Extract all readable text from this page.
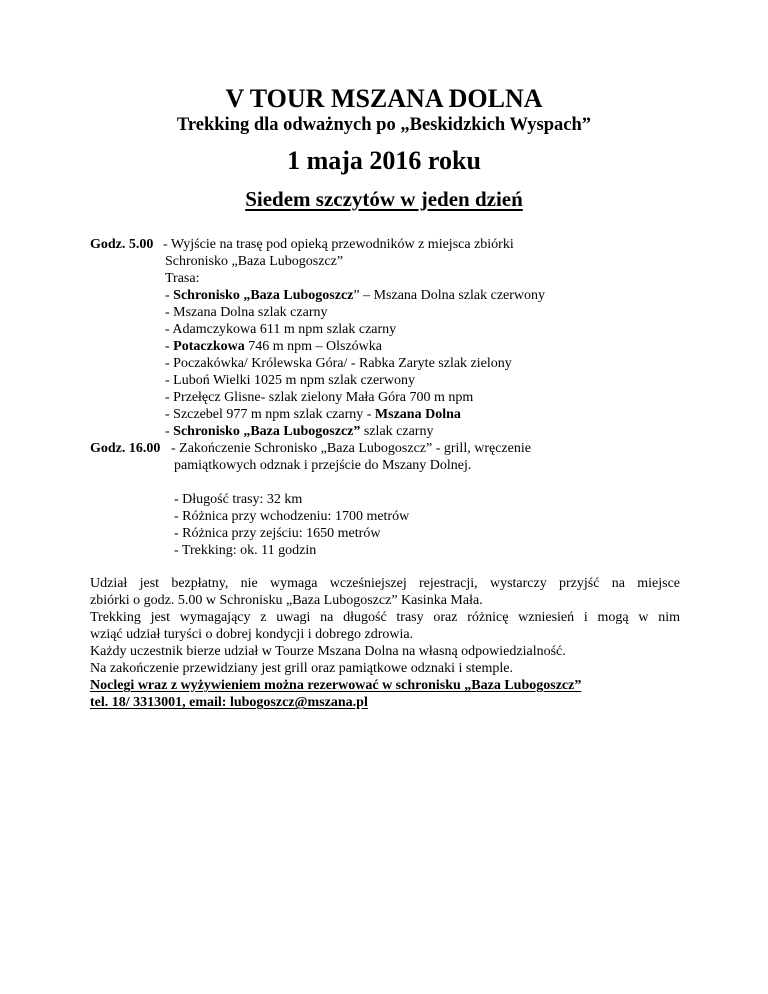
V TOUR MSZANA DOLNA
Trekking dla odważnych po „Beskidzkich Wyspach”
1 maja 2016 roku
Siedem szczytów w jeden dzień
Godz. 5.00 - Wyjście na trasę pod opieką przewodników z miejsca zbiórki
Schronisko „Baza Lubogoszcz”
Trasa:
- Schronisko „Baza Lubogoszcz” – Mszana Dolna szlak czerwony
- Mszana Dolna szlak czarny
- Adamczykowa 611 m npm szlak czarny
- Potaczkowa 746 m npm – Olszówka
- Poczakówka/ Królewska Góra/ - Rabka Zaryte szlak zielony
- Luboń Wielki 1025 m npm szlak czerwony
- Przełęcz Glisne- szlak zielony Mała Góra 700 m npm
- Szczebel 977 m npm szlak czarny - Mszana Dolna
- Schronisko „Baza Lubogoszcz” szlak czarny
Godz. 16.00 - Zakończenie Schronisko „Baza Lubogoszcz” - grill, wręczenie
pamiątkowych odznak i przejście do Mszany Dolnej.
- Długość trasy: 32 km
- Różnica przy wchodzeniu: 1700 metrów
- Różnica przy zejściu: 1650 metrów
- Trekking: ok. 11 godzin

Udział jest bezpłatny, nie wymaga wcześniejszej rejestracji, wystarczy przyjść na miejsce

zbiórki o godz. 5.00 w Schronisku „Baza Lubogoszcz” Kasinka Mała.

Trekking jest wymagający z uwagi na długość trasy oraz różnicę wzniesień i mogą w nim

wziąć udział turyści o dobrej kondycji i dobrego zdrowia.

Każdy uczestnik bierze udział w Tourze Mszana Dolna na własną odpowiedzialność.

Na zakończenie przewidziany jest grill oraz pamiątkowe odznaki i stemple.

Noclegi wraz z wyżywieniem można rezerwować w schronisku „Baza Lubogoszcz”

tel. 18/ 3313001, email: lubogoszcz@mszana.pl
